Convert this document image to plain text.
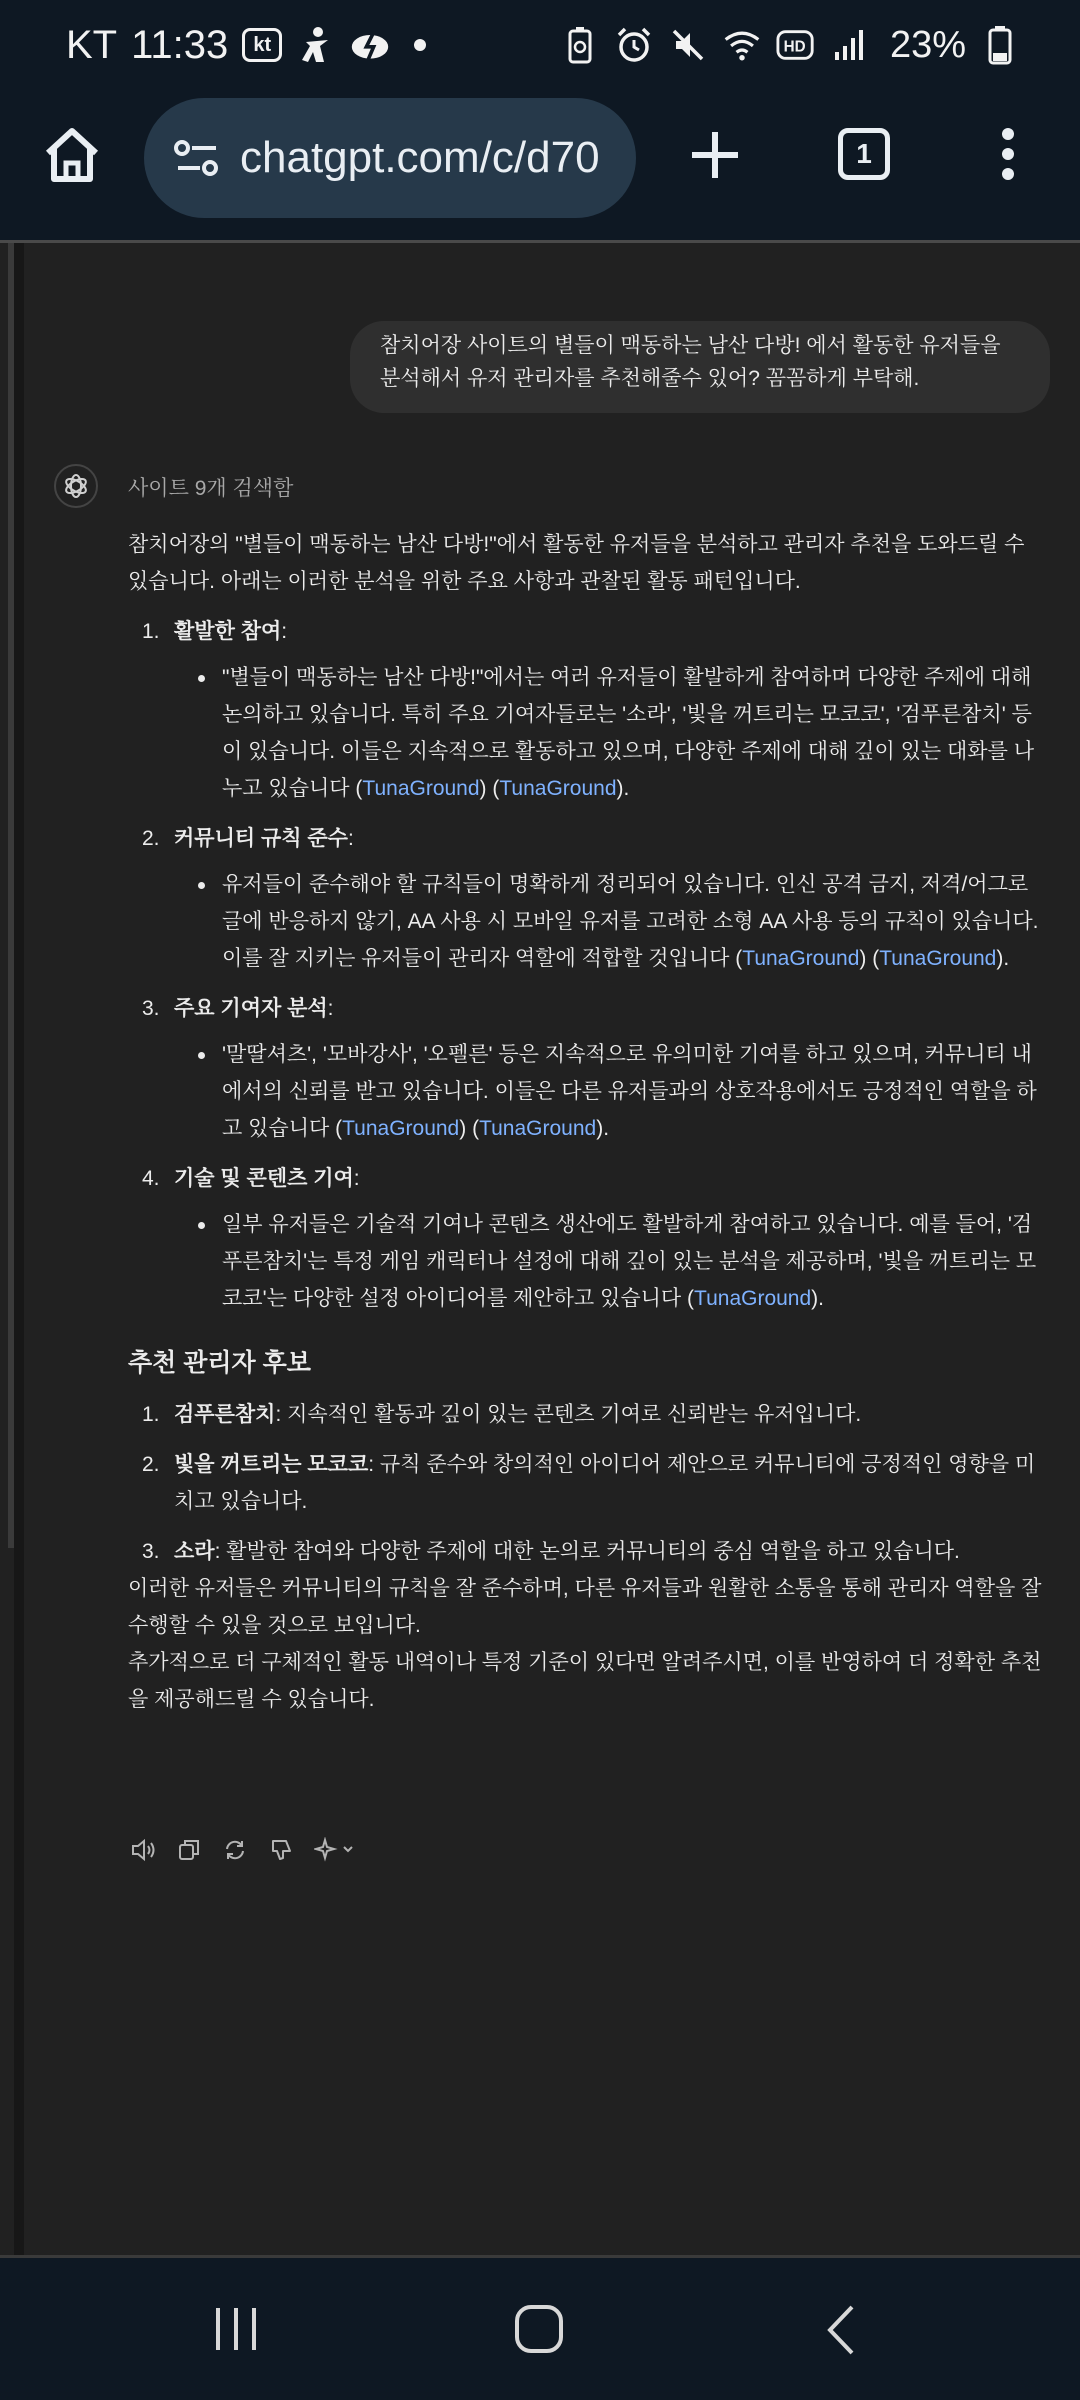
KT 11:33	kt	HD 23%
chatgpt.com/c/d70	1
참치어장 사이트의 별들이 맥동하는 남산 다방! 에서 활동한 유저들을 분석해서 유저 관리자를 추천해줄수 있어? 꼼꼼하게 부탁해.
사이트 9개 검색함

참치어장의 "별들이 맥동하는 남산 다방!"에서 활동한 유저들을 분석하고 관리자 추천을 도와드릴 수 있습니다. 아래는 이러한 분석을 위한 주요 사항과 관찰된 활동 패턴입니다.

1. 활발한 참여:
"별들이 맥동하는 남산 다방!"에서는 여러 유저들이 활발하게 참여하며 다양한 주제에 대해 논의하고 있습니다. 특히 주요 기여자들로는 '소라', '빛을 꺼트리는 모코코', '검푸른참치' 등이 있습니다. 이들은 지속적으로 활동하고 있으며, 다양한 주제에 대해 깊이 있는 대화를 나누고 있습니다 (TunaGround) (TunaGround).
2. 커뮤니티 규칙 준수:
유저들이 준수해야 할 규칙들이 명확하게 정리되어 있습니다. 인신 공격 금지, 저격/어그로 글에 반응하지 않기, AA 사용 시 모바일 유저를 고려한 소형 AA 사용 등의 규칙이 있습니다. 이를 잘 지키는 유저들이 관리자 역할에 적합할 것입니다 (TunaGround) (TunaGround).
3. 주요 기여자 분석:
'말딸셔츠', '모바강사', '오펠른' 등은 지속적으로 유의미한 기여를 하고 있으며, 커뮤니티 내에서의 신뢰를 받고 있습니다. 이들은 다른 유저들과의 상호작용에서도 긍정적인 역할을 하고 있습니다 (TunaGround) (TunaGround).
4. 기술 및 콘텐츠 기여:
일부 유저들은 기술적 기여나 콘텐츠 생산에도 활발하게 참여하고 있습니다. 예를 들어, '검푸른참치'는 특정 게임 캐릭터나 설정에 대해 깊이 있는 분석을 제공하며, '빛을 꺼트리는 모코코'는 다양한 설정 아이디어를 제안하고 있습니다 (TunaGround).
추천 관리자 후보
1. 검푸른참치: 지속적인 활동과 깊이 있는 콘텐츠 기여로 신뢰받는 유저입니다.
2. 빛을 꺼트리는 모코코: 규칙 준수와 창의적인 아이디어 제안으로 커뮤니티에 긍정적인 영향을 미치고 있습니다.
3. 소라: 활발한 참여와 다양한 주제에 대한 논의로 커뮤니티의 중심 역할을 하고 있습니다.

이러한 유저들은 커뮤니티의 규칙을 잘 준수하며, 다른 유저들과 원활한 소통을 통해 관리자 역할을 잘 수행할 수 있을 것으로 보입니다.

추가적으로 더 구체적인 활동 내역이나 특정 기준이 있다면 알려주시면, 이를 반영하여 더 정확한 추천을 제공해드릴 수 있습니다.
